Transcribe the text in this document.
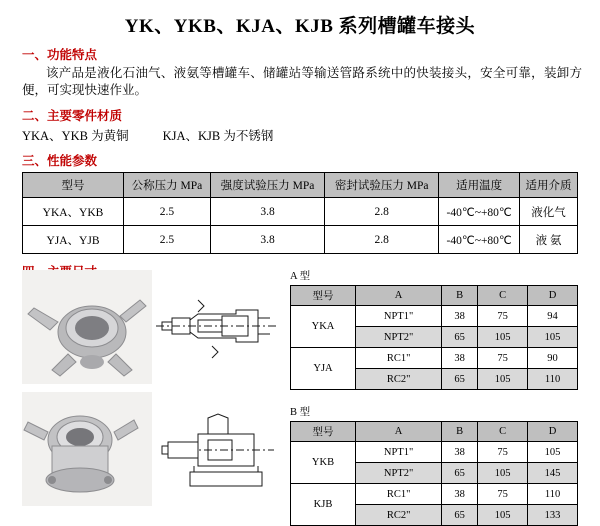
YK、YKB、KJA、KJB 系列槽罐车接头
一、功能特点
该产品是液化石油气、液氨等槽罐车、储罐站等输送管路系统中的快装接头，安全可靠，装卸方便，可实现快速作业。
二、主要零件材质
YKA、YKB 为黄铜	KJA、KJB 为不锈钢
三、性能参数
型号	公称压力 MPa	强度试验压力 MPa	密封试验压力 MPa	适用温度	适用介质
YKA、YKB	2.5	3.8	2.8	-40℃~+80℃	液化气
YJA、YJB	2.5	3.8	2.8	-40℃~+80℃	液 氨
A 型
型号	A	B	C	D
YKA	NPT1"	38	75	94
	NPT2"	65	105	105
YJA	RC1"	38	75	90
	RC2"	65	105	110
B 型
型号	A	B	C	D
YKB	NPT1"	38	75	105
	NPT2"	65	105	145
KJB	RC1"	38	75	110
	RC2"	65	105	133
